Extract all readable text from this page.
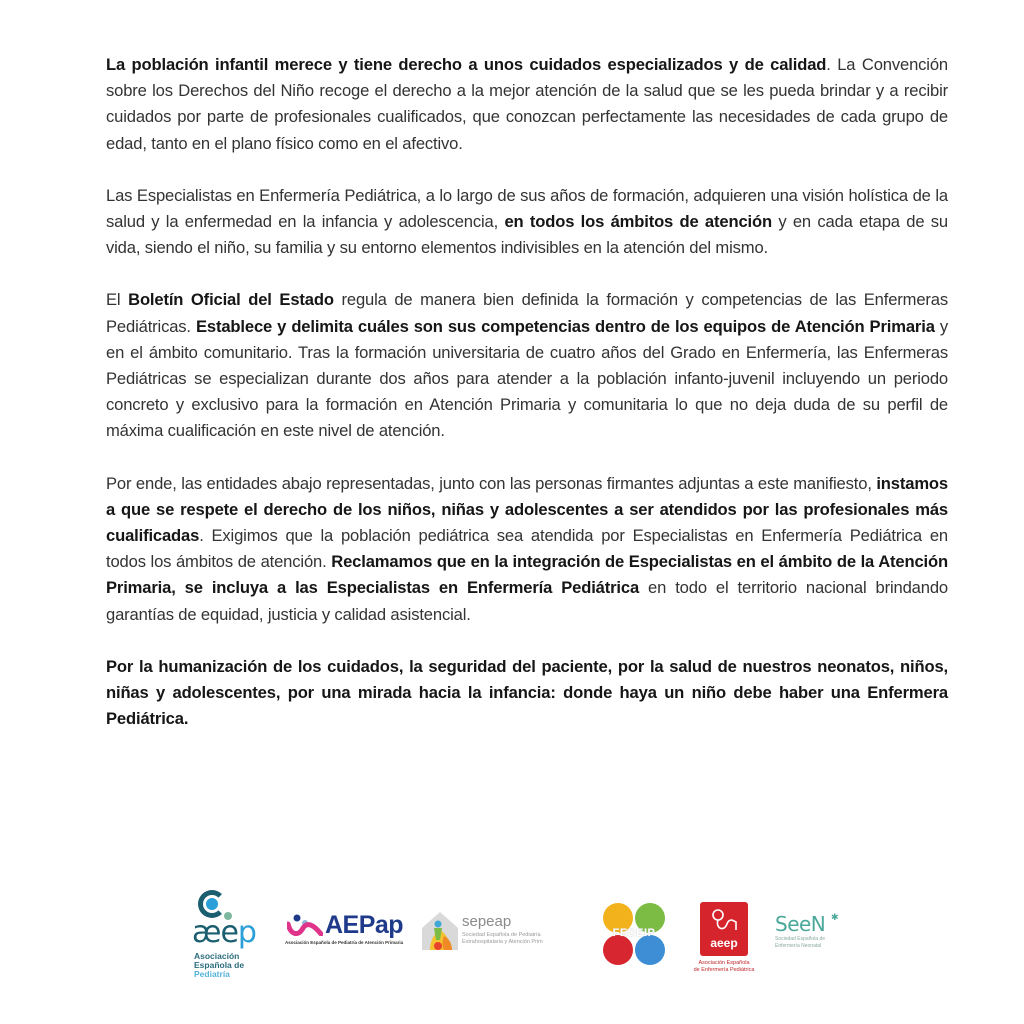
La población infantil merece y tiene derecho a unos cuidados especializados y de calidad. La Convención sobre los Derechos del Niño recoge el derecho a la mejor atención de la salud que se les pueda brindar y a recibir cuidados por parte de profesionales cualificados, que conozcan perfectamente las necesidades de cada grupo de edad, tanto en el plano físico como en el afectivo.

Las Especialistas en Enfermería Pediátrica, a lo largo de sus años de formación, adquieren una visión holística de la salud y la enfermedad en la infancia y adolescencia, en todos los ámbitos de atención y en cada etapa de su vida, siendo el niño, su familia y su entorno elementos indivisibles en la atención del mismo.

El Boletín Oficial del Estado regula de manera bien definida la formación y competencias de las Enfermeras Pediátricas. Establece y delimita cuáles son sus competencias dentro de los equipos de Atención Primaria y en el ámbito comunitario. Tras la formación universitaria de cuatro años del Grado en Enfermería, las Enfermeras Pediátricas se especializan durante dos años para atender a la población infanto-juvenil incluyendo un periodo concreto y exclusivo para la formación en Atención Primaria y comunitaria lo que no deja duda de su perfil de máxima cualificación en este nivel de atención.

Por ende, las entidades abajo representadas, junto con las personas firmantes adjuntas a este manifiesto, instamos a que se respete el derecho de los niños, niñas y adolescentes a ser atendidos por las profesionales más cualificadas. Exigimos que la población pediátrica sea atendida por Especialistas en Enfermería Pediátrica en todos los ámbitos de atención. Reclamamos que en la integración de Especialistas en el ámbito de la Atención Primaria, se incluya a las Especialistas en Enfermería Pediátrica en todo el territorio nacional brindando garantías de equidad, justicia y calidad asistencial.

Por la humanización de los cuidados, la seguridad del paciente, por la salud de nuestros neonatos, niños, niñas y adolescentes, por una mirada hacia la infancia: donde haya un niño debe haber una Enfermera Pediátrica.

æep
Asociación
Española de
Pediatría
AEPap
Asociación Española de Pediatría de Atención Primaria
sepeap
Sociedad Española de Pediatría
Extrahospitalaria y Atención Prim
FEDEIP
aeep
Asociación Española
de Enfermería Pediátrica
SeeN ✱
Sociedad Española de
Enfermería Neonatal
